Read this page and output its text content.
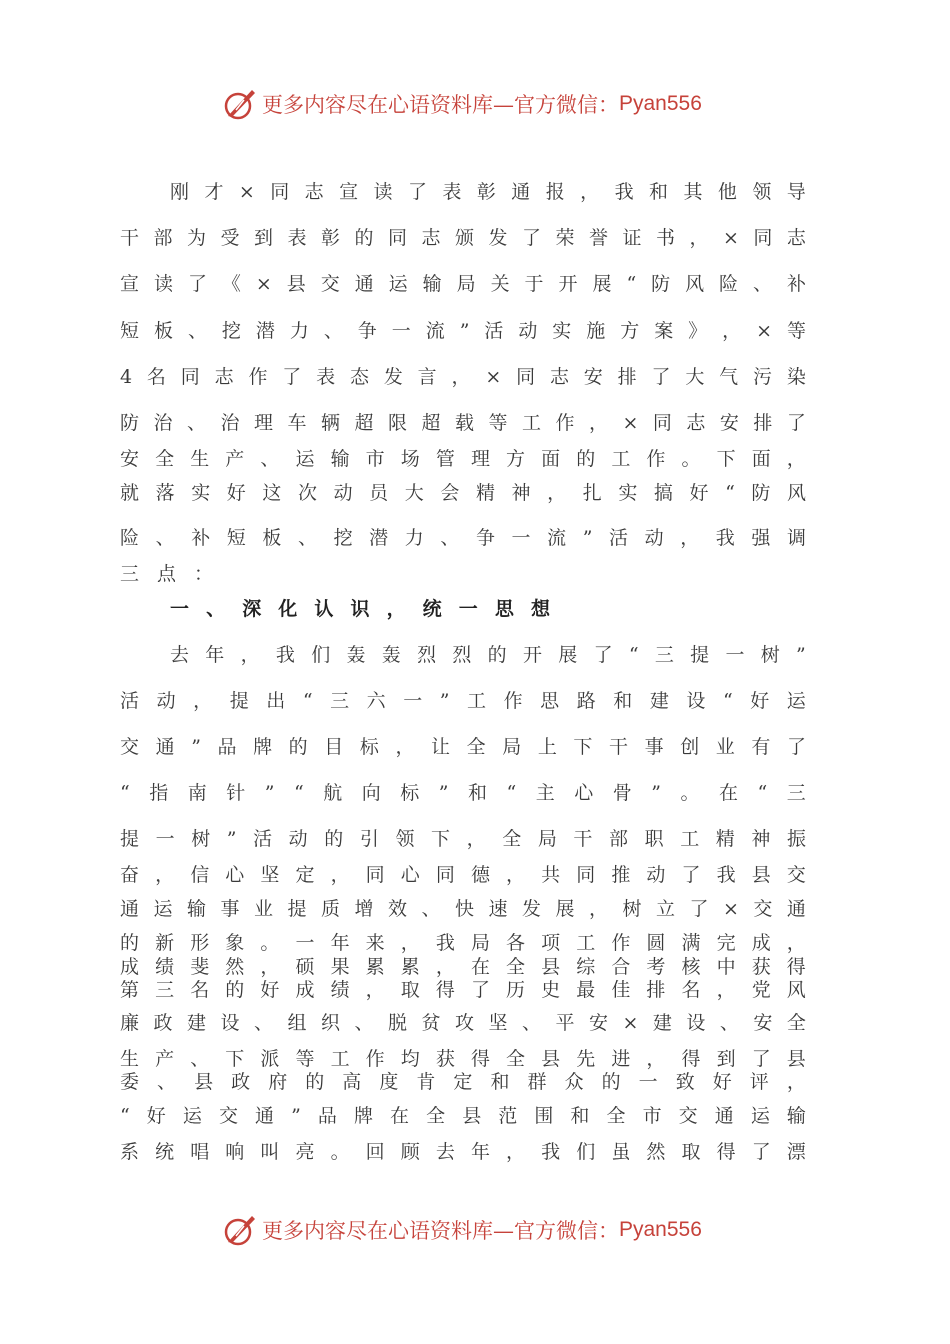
更多内容尽在心语资料库—官方微信： Pyan556
刚 才 × 同 志 宣 读 了 表 彰 通 报 ， 我 和 其 他 领 导
干 部 为 受 到 表 彰 的 同 志 颁 发 了 荣 誉 证 书 ， × 同 志
宣 读 了 《 × 县 交 通 运 输 局 关 于 开 展 “ 防 风 险 、 补
短 板 、 挖 潜 力 、 争 一 流 ” 活 动 实 施 方 案 》 ， × 等
4 名 同 志 作 了 表 态 发 言 ， × 同 志 安 排 了 大 气 污 染
防 治 、 治 理 车 辆 超 限 超 载 等 工 作 ， × 同 志 安 排 了
安 全 生 产 、 运 输 市 场 管 理 方 面 的 工 作 。 下 面 ，
就 落 实 好 这 次 动 员 大 会 精 神 ， 扎 实 搞 好 “ 防 风
险 、 补 短 板 、 挖 潜 力 、 争 一 流 ” 活 动 ， 我 强 调
三 点 ：
一 、 深 化 认 识 ， 统 一 思 想
去 年 ， 我 们 轰 轰 烈 烈 的 开 展 了 “ 三 提 一 树 ”
活 动 ， 提 出 “ 三 六 一 ” 工 作 思 路 和 建 设 “ 好 运
交 通 ” 品 牌 的 目 标 ， 让 全 局 上 下 干 事 创 业 有 了
“ 指 南 针 ” “ 航 向 标 ” 和 “ 主 心 骨 ” 。 在 “ 三
提 一 树 ” 活 动 的 引 领 下 ， 全 局 干 部 职 工 精 神 振
奋 ， 信 心 坚 定 ， 同 心 同 德 ， 共 同 推 动 了 我 县 交
通 运 输 事 业 提 质 增 效 、 快 速 发 展 ， 树 立 了 × 交 通
的 新 形 象 。 一 年 来 ， 我 局 各 项 工 作 圆 满 完 成 ，
成 绩 斐 然 ， 硕 果 累 累 ， 在 全 县 综 合 考 核 中 获 得
第 三 名 的 好 成 绩 ， 取 得 了 历 史 最 佳 排 名 ， 党 风
廉 政 建 设 、 组 织 、 脱 贫 攻 坚 、 平 安 × 建 设 、 安 全
生 产 、 下 派 等 工 作 均 获 得 全 县 先 进 ， 得 到 了 县
委 、 县 政 府 的 高 度 肯 定 和 群 众 的 一 致 好 评 ，
“ 好 运 交 通 ” 品 牌 在 全 县 范 围 和 全 市 交 通 运 输
系 统 唱 响 叫 亮 。 回 顾 去 年 ， 我 们 虽 然 取 得 了 漂
更多内容尽在心语资料库—官方微信： Pyan556
